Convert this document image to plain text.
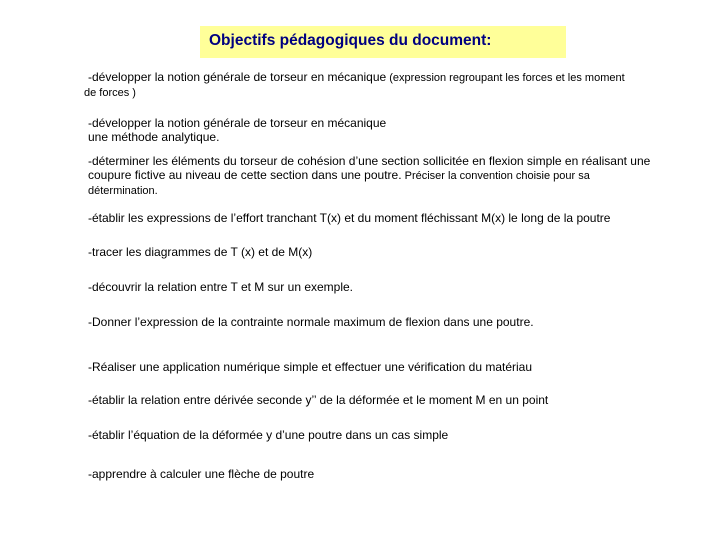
Objectifs pédagogiques du document:
-développer la notion générale de torseur en mécanique (expression regroupant les forces et les moment
de forces )
-développer la notion générale de torseur en mécanique
une méthode analytique.
-déterminer les éléments du torseur de cohésion d’une section sollicitée en flexion simple en réalisant une
coupure fictive au niveau de cette section dans une poutre. Préciser la convention choisie pour sa
détermination.
-établir les expressions de l’effort tranchant T(x) et du moment fléchissant M(x) le long de la poutre
-tracer les diagrammes de T (x) et de M(x)
-découvrir la relation entre T et M sur un exemple.
-Donner l’expression de la contrainte normale maximum de flexion dans une poutre.
-Réaliser une application numérique simple et effectuer une vérification du matériau
-établir la relation entre dérivée seconde y’’ de la déformée et le moment M en un point
-établir l’équation de la déformée y d’une poutre dans un cas simple
-apprendre à calculer une flèche de poutre
